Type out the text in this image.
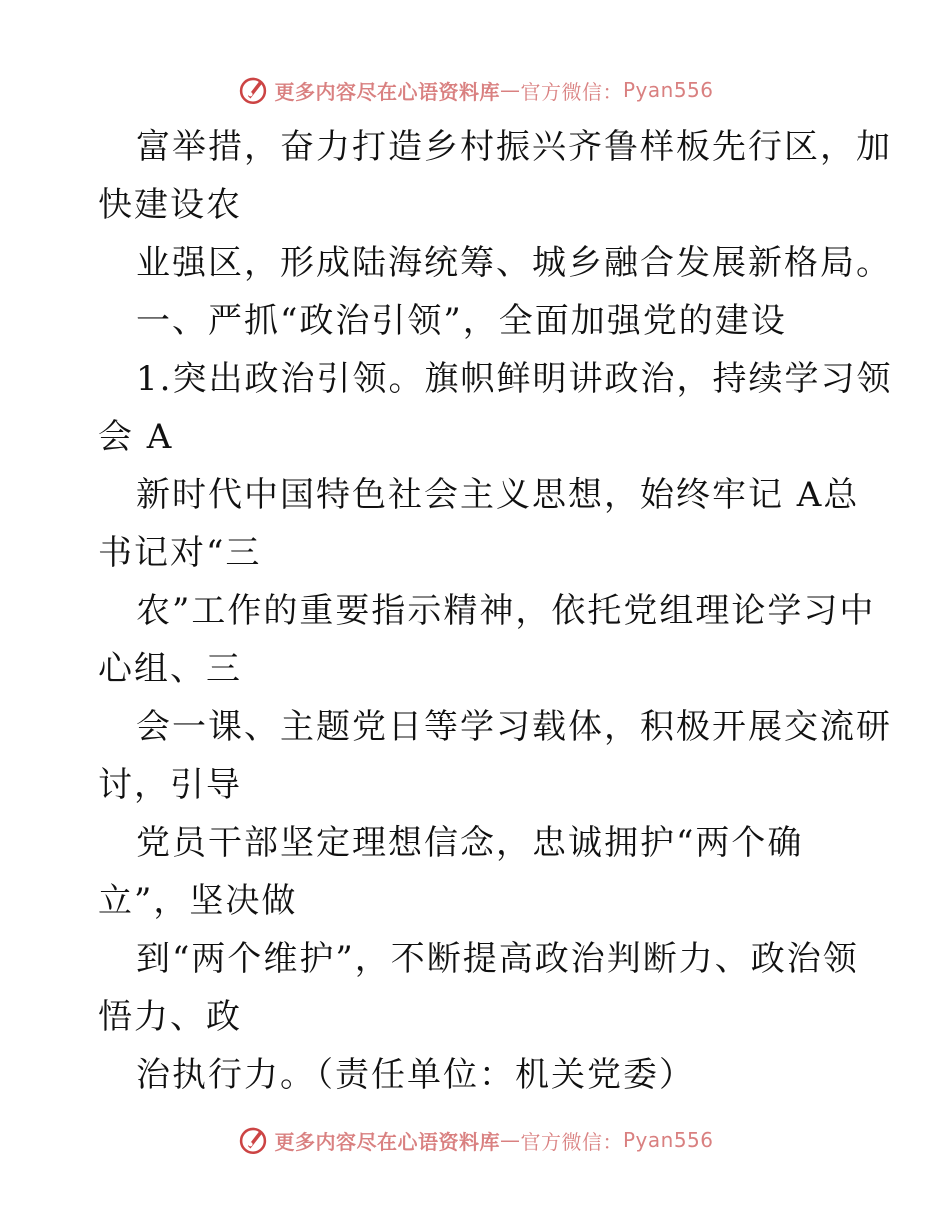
更多内容尽在心语资料库 — 官方微信： Pyan556
富举措，奋力打造乡村振兴齐鲁样板先行区，加
快建设农
业强区，形成陆海统筹、城乡融合发展新格局。
一、严抓“政治引领”，全面加强党的建设
1.突出政治引领。旗帜鲜明讲政治，持续学习领
会 A
新时代中国特色社会主义思想，始终牢记 A总
书记对“三
农”工作的重要指示精神，依托党组理论学习中
心组、三
会一课、主题党日等学习载体，积极开展交流研
讨，引导
党员干部坚定理想信念，忠诚拥护“两个确
立”，坚决做
到“两个维护”，不断提高政治判断力、政治领
悟力、政
治执行力。（责任单位：机关党委）
更多内容尽在心语资料库 — 官方微信： Pyan556
